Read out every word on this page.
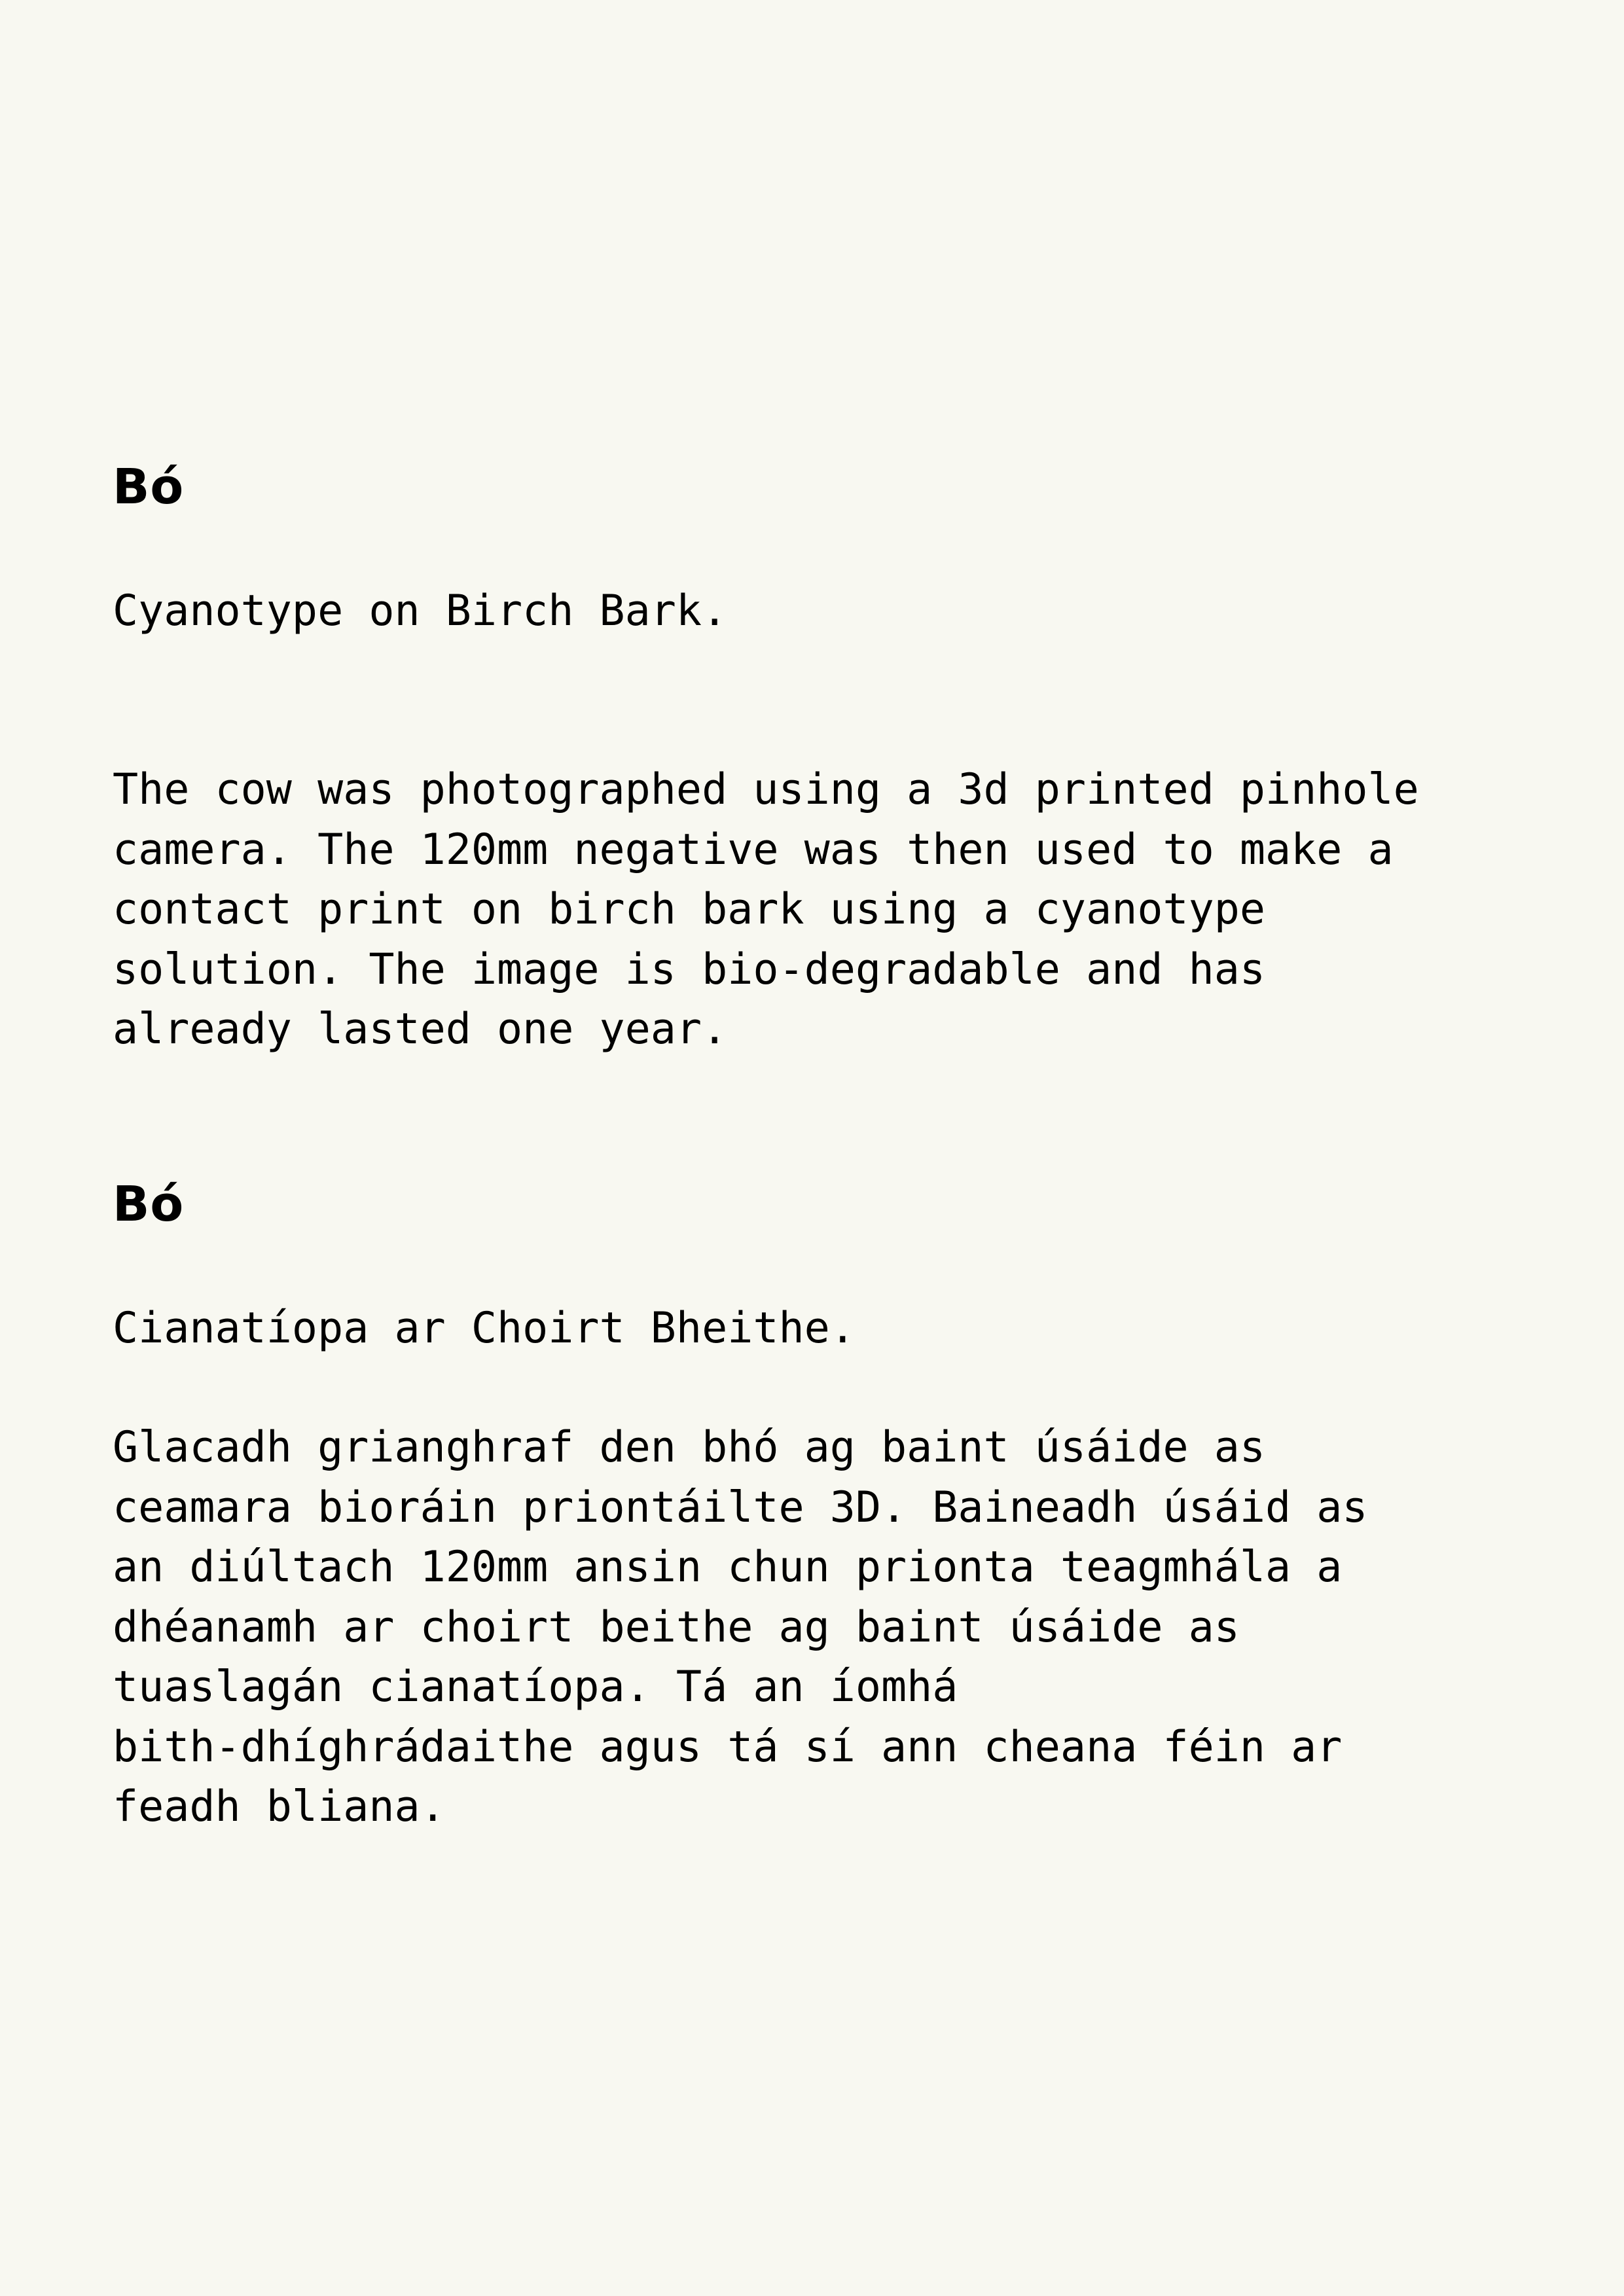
Bó

Cyanotype on Birch Bark.

The cow was photographed using a 3d printed pinhole
camera. The 120mm negative was then used to make a
contact print on birch bark using a cyanotype
solution. The image is bio-degradable and has
already lasted one year.

Bó

Cianatíopa ar Choirt Bheithe.

Glacadh grianghraf den bhó ag baint úsáide as
ceamara bioráin priontáilte 3D. Baineadh úsáid as
an diúltach 120mm ansin chun prionta teagmhála a
dhéanamh ar choirt beithe ag baint úsáide as
tuaslagán cianatíopa. Tá an íomhá
bith-dhíghrádaithe agus tá sí ann cheana féin ar
feadh bliana.
